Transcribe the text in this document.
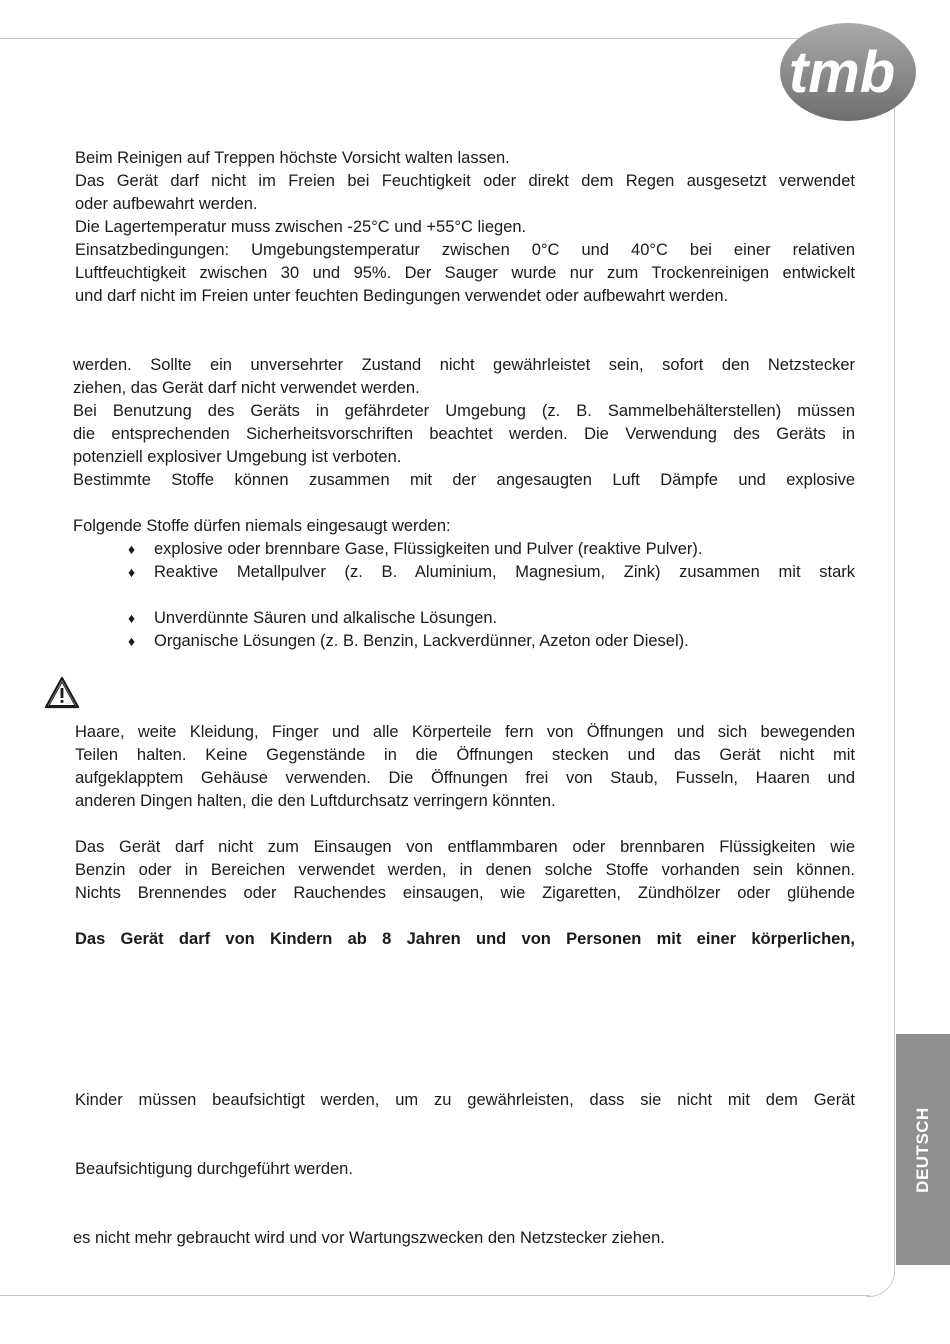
tmb
Beim Reinigen auf Treppen höchste Vorsicht walten lassen.
Das Gerät darf nicht im Freien bei Feuchtigkeit oder direkt dem Regen ausgesetzt verwendet
oder aufbewahrt werden.
Die Lagertemperatur muss zwischen -25°C und +55°C liegen.
Einsatzbedingungen: Umgebungstemperatur zwischen 0°C und 40°C bei einer relativen
Luftfeuchtigkeit zwischen 30 und 95%. Der Sauger wurde nur zum Trockenreinigen entwickelt
und darf nicht im Freien unter feuchten Bedingungen verwendet oder aufbewahrt werden.
werden. Sollte ein unversehrter Zustand nicht gewährleistet sein, sofort den Netzstecker
ziehen, das Gerät darf nicht verwendet werden.
Bei Benutzung des Geräts in gefährdeter Umgebung (z. B. Sammelbehälterstellen) müssen
die entsprechenden Sicherheitsvorschriften beachtet werden. Die Verwendung des Geräts in
potenziell explosiver Umgebung ist verboten.
Bestimmte Stoffe können zusammen mit der angesaugten Luft Dämpfe und explosive
Folgende Stoffe dürfen niemals eingesaugt werden:
♦ explosive oder brennbare Gase, Flüssigkeiten und Pulver (reaktive Pulver).
♦ Reaktive Metallpulver (z. B. Aluminium, Magnesium, Zink) zusammen mit stark
♦ Unverdünnte Säuren und alkalische Lösungen.
♦ Organische Lösungen (z. B. Benzin, Lackverdünner, Azeton oder Diesel).
Haare, weite Kleidung, Finger und alle Körperteile fern von Öffnungen und sich bewegenden
Teilen halten. Keine Gegenstände in die Öffnungen stecken und das Gerät nicht mit
aufgeklapptem Gehäuse verwenden. Die Öffnungen frei von Staub, Fusseln, Haaren und
anderen Dingen halten, die den Luftdurchsatz verringern könnten.
Das Gerät darf nicht zum Einsaugen von entflammbaren oder brennbaren Flüssigkeiten wie
Benzin oder in Bereichen verwendet werden, in denen solche Stoffe vorhanden sein können.
Nichts Brennendes oder Rauchendes einsaugen, wie Zigaretten, Zündhölzer oder glühende
Das Gerät darf von Kindern ab 8 Jahren und von Personen mit einer körperlichen,
Kinder müssen beaufsichtigt werden, um zu gewährleisten, dass sie nicht mit dem Gerät
Beaufsichtigung durchgeführt werden.
es nicht mehr gebraucht wird und vor Wartungszwecken den Netzstecker ziehen.
DEUTSCH
